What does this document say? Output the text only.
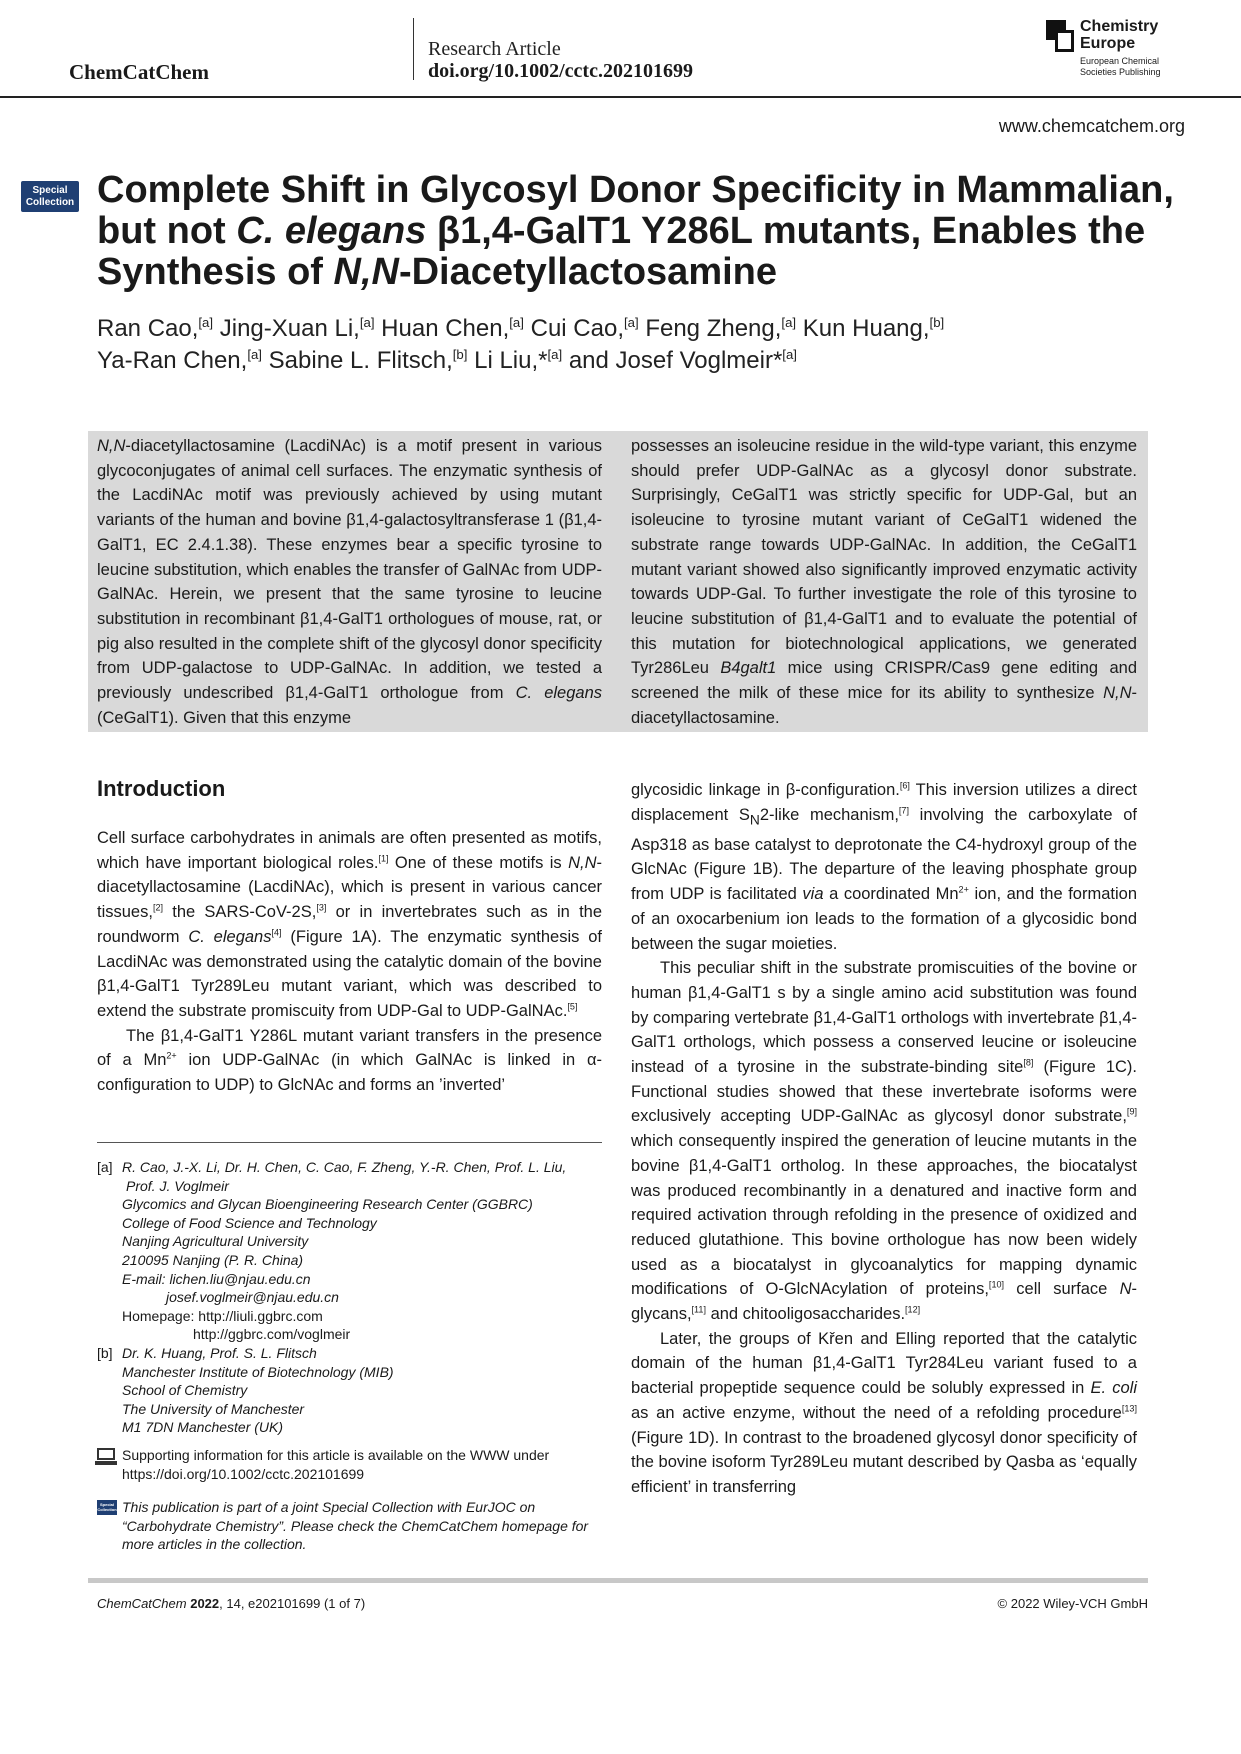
ChemCatChem
Research Article
doi.org/10.1002/cctc.202101699
Chemistry Europe
European Chemical Societies Publishing
www.chemcatchem.org
Special Collection Complete Shift in Glycosyl Donor Specificity in Mammalian,
but not C. elegans β1,4-GalT1 Y286L mutants, Enables the
Synthesis of N,N-Diacetyllactosamine
Ran Cao,[a] Jing-Xuan Li,[a] Huan Chen,[a] Cui Cao,[a] Feng Zheng,[a] Kun Huang,[b]
Ya-Ran Chen,[a] Sabine L. Flitsch,[b] Li Liu,*[a] and Josef Voglmeir*[a]

N,N-diacetyllactosamine (LacdiNAc) is a motif present in various glycoconjugates of animal cell surfaces. The enzymatic synthesis of the LacdiNAc motif was previously achieved by using mutant variants of the human and bovine β1,4-galactosyltransferase 1 (β1,4-GalT1, EC 2.4.1.38). These enzymes bear a specific tyrosine to leucine substitution, which enables the transfer of GalNAc from UDP-GalNAc. Herein, we present that the same tyrosine to leucine substitution in recombinant β1,4-GalT1 orthologues of mouse, rat, or pig also resulted in the complete shift of the glycosyl donor specificity from UDP-galactose to UDP-GalNAc. In addition, we tested a previously undescribed β1,4-GalT1 orthologue from C. elegans (CeGalT1). Given that this enzyme

possesses an isoleucine residue in the wild-type variant, this enzyme should prefer UDP-GalNAc as a glycosyl donor substrate. Surprisingly, CeGalT1 was strictly specific for UDP-Gal, but an isoleucine to tyrosine mutant variant of CeGalT1 widened the substrate range towards UDP-GalNAc. In addition, the CeGalT1 mutant variant showed also significantly improved enzymatic activity towards UDP-Gal. To further investigate the role of this tyrosine to leucine substitution of β1,4-GalT1 and to evaluate the potential of this mutation for biotechnological applications, we generated Tyr286Leu B4galt1 mice using CRISPR/Cas9 gene editing and screened the milk of these mice for its ability to synthesize N,N-diacetyllactosamine.

Introduction

Cell surface carbohydrates in animals are often presented as motifs, which have important biological roles.[1] One of these motifs is N,N-diacetyllactosamine (LacdiNAc), which is present in various cancer tissues,[2] the SARS-CoV-2S,[3] or in invertebrates such as in the roundworm C. elegans[4] (Figure 1A). The enzymatic synthesis of LacdiNAc was demonstrated using the catalytic domain of the bovine β1,4-GalT1 Tyr289Leu mutant variant, which was described to extend the substrate promiscuity from UDP-Gal to UDP-GalNAc.[5]

The β1,4-GalT1 Y286L mutant variant transfers in the presence of a $Mn^{2+}$ ion UDP-GalNAc (in which GalNAc is linked in α-configuration to UDP) to GlcNAc and forms an ’inverted’

glycosidic linkage in β-configuration.[6] This inversion utilizes a direct displacement $S_N2$-like mechanism,[7] involving the carboxylate of Asp318 as base catalyst to deprotonate the C4-hydroxyl group of the GlcNAc (Figure 1B). The departure of the leaving phosphate group from UDP is facilitated via a coordinated $Mn^{2+}$ ion, and the formation of an oxocarbenium ion leads to the formation of a glycosidic bond between the sugar moieties.

This peculiar shift in the substrate promiscuities of the bovine or human β1,4-GalT1 s by a single amino acid substitution was found by comparing vertebrate β1,4-GalT1 orthologs with invertebrate β1,4-GalT1 orthologs, which possess a conserved leucine or isoleucine instead of a tyrosine in the substrate-binding site[8] (Figure 1C). Functional studies showed that these invertebrate isoforms were exclusively accepting UDP-GalNAc as glycosyl donor substrate,[9] which consequently inspired the generation of leucine mutants in the bovine β1,4-GalT1 ortholog. In these approaches, the biocatalyst was produced recombinantly in a denatured and inactive form and required activation through refolding in the presence of oxidized and reduced glutathione. This bovine orthologue has now been widely used as a biocatalyst in glycoanalytics for mapping dynamic modifications of O-GlcNAcylation of proteins,[10] cell surface N-glycans,[11] and chitooligosaccharides.[12]

Later, the groups of Křen and Elling reported that the catalytic domain of the human β1,4-GalT1 Tyr284Leu variant fused to a bacterial propeptide sequence could be solubly expressed in E. coli as an active enzyme, without the need of a refolding procedure[13] (Figure 1D). In contrast to the broadened glycosyl donor specificity of the bovine isoform Tyr289Leu mutant described by Qasba as ‘equally efficient’ in transferring

[a] R. Cao, J.-X. Li, Dr. H. Chen, C. Cao, F. Zheng, Y.-R. Chen, Prof. L. Liu,
Prof. J. Voglmeir
Glycomics and Glycan Bioengineering Research Center (GGBRC)
College of Food Science and Technology
Nanjing Agricultural University
210095 Nanjing (P. R. China)
E-mail: lichen.liu@njau.edu.cn
josef.voglmeir@njau.edu.cn
Homepage: http://liuli.ggbrc.com
http://ggbrc.com/voglmeir
[b] Dr. K. Huang, Prof. S. L. Flitsch
Manchester Institute of Biotechnology (MIB)
School of Chemistry
The University of Manchester
M1 7DN Manchester (UK)
Supporting information for this article is available on the WWW under https://doi.org/10.1002/cctc.202101699
Special Collection This publication is part of a joint Special Collection with EurJOC on “Carbohydrate Chemistry”. Please check the ChemCatChem homepage for more articles in the collection.
ChemCatChem 2022, 14, e202101699 (1 of 7)	© 2022 Wiley-VCH GmbH
